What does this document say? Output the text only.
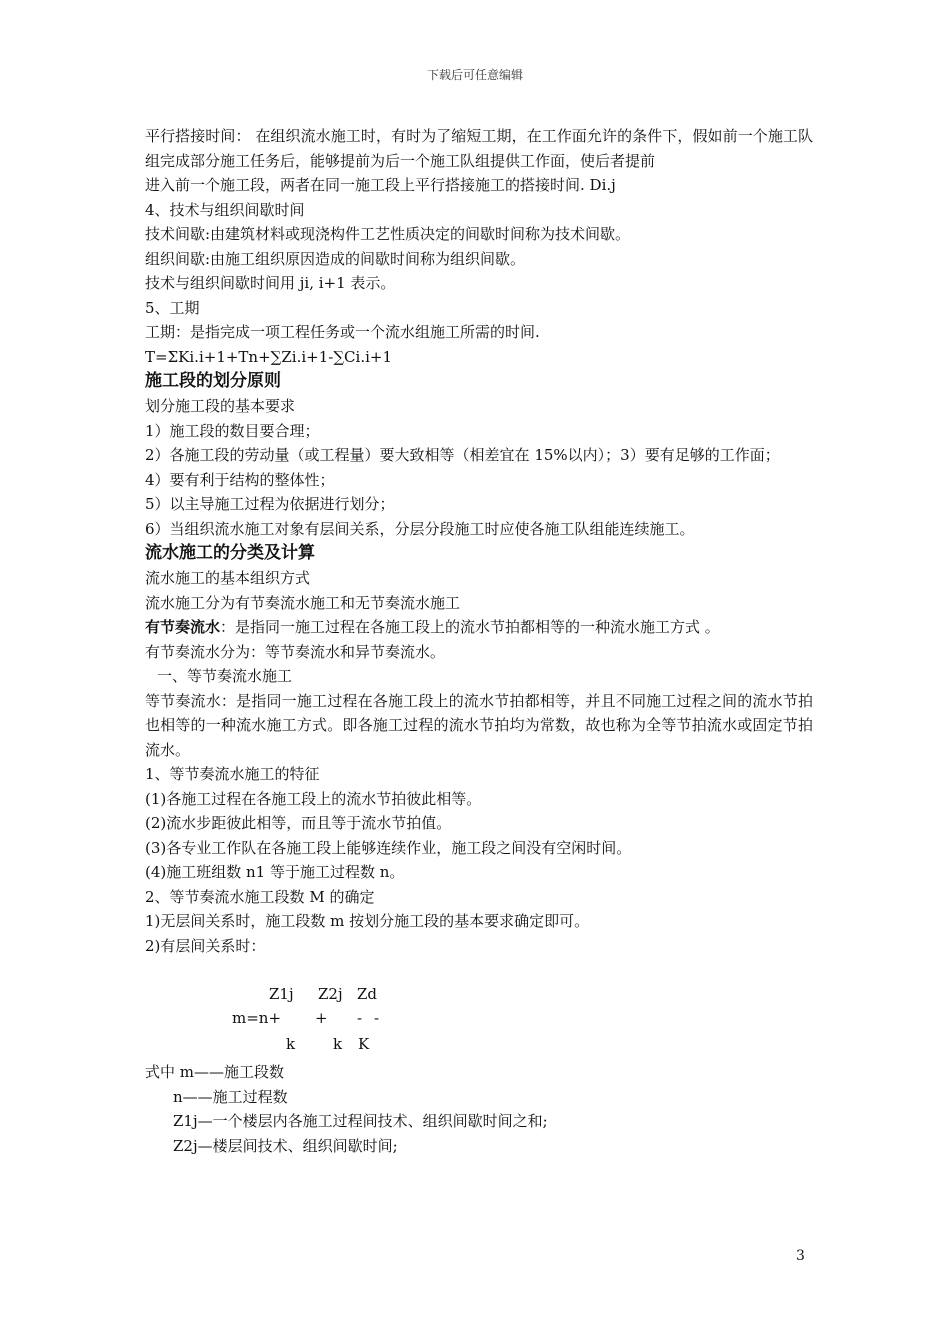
下载后可任意编辑

平行搭接时间： 在组织流水施工时，有时为了缩短工期，在工作面允许的条件下，假如前一个施工队组完成部分施工任务后，能够提前为后一个施工队组提供工作面，使后者提前

进入前一个施工段，两者在同一施工段上平行搭接施工的搭接时间. Di.j

4、技术与组织间歇时间

技术间歇:由建筑材料或现浇构件工艺性质决定的间歇时间称为技术间歇。

组织间歇:由施工组织原因造成的间歇时间称为组织间歇。

技术与组织间歇时间用 ji, i+1 表示。

5、工期

工期：是指完成一项工程任务或一个流水组施工所需的时间.

T=ΣKi.i+1+Tn+∑Zi.i+1-∑Ci.i+1

施工段的划分原则

划分施工段的基本要求

1）施工段的数目要合理；

2）各施工段的劳动量（或工程量）要大致相等（相差宜在 15%以内）；3）要有足够的工作面；

4）要有利于结构的整体性；

5）以主导施工过程为依据进行划分；

6）当组织流水施工对象有层间关系，分层分段施工时应使各施工队组能连续施工。

流水施工的分类及计算

流水施工的基本组织方式

流水施工分为有节奏流水施工和无节奏流水施工

有节奏流水：是指同一施工过程在各施工段上的流水节拍都相等的一种流水施工方式 。

有节奏流水分为：等节奏流水和异节奏流水。

一、等节奏流水施工

等节奏流水：是指同一施工过程在各施工段上的流水节拍都相等，并且不同施工过程之间的流水节拍也相等的一种流水施工方式。即各施工过程的流水节拍均为常数，故也称为全等节拍流水或固定节拍流水。

1、等节奏流水施工的特征

(1)各施工过程在各施工段上的流水节拍彼此相等。

(2)流水步距彼此相等，而且等于流水节拍值。

(3)各专业工作队在各施工段上能够连续作业，施工段之间没有空闲时间。

(4)施工班组数 n1 等于施工过程数 n。

2、等节奏流水施工段数 M 的确定

1)无层间关系时，施工段数 m 按划分施工段的基本要求确定即可。

2)有层间关系时：

Z1j Z2j Zd
m=n+ + - -
k	k K

式中 m——施工段数

n——施工过程数

Z1j—一个楼层内各施工过程间技术、组织间歇时间之和;

Z2j—楼层间技术、组织间歇时间;

3
